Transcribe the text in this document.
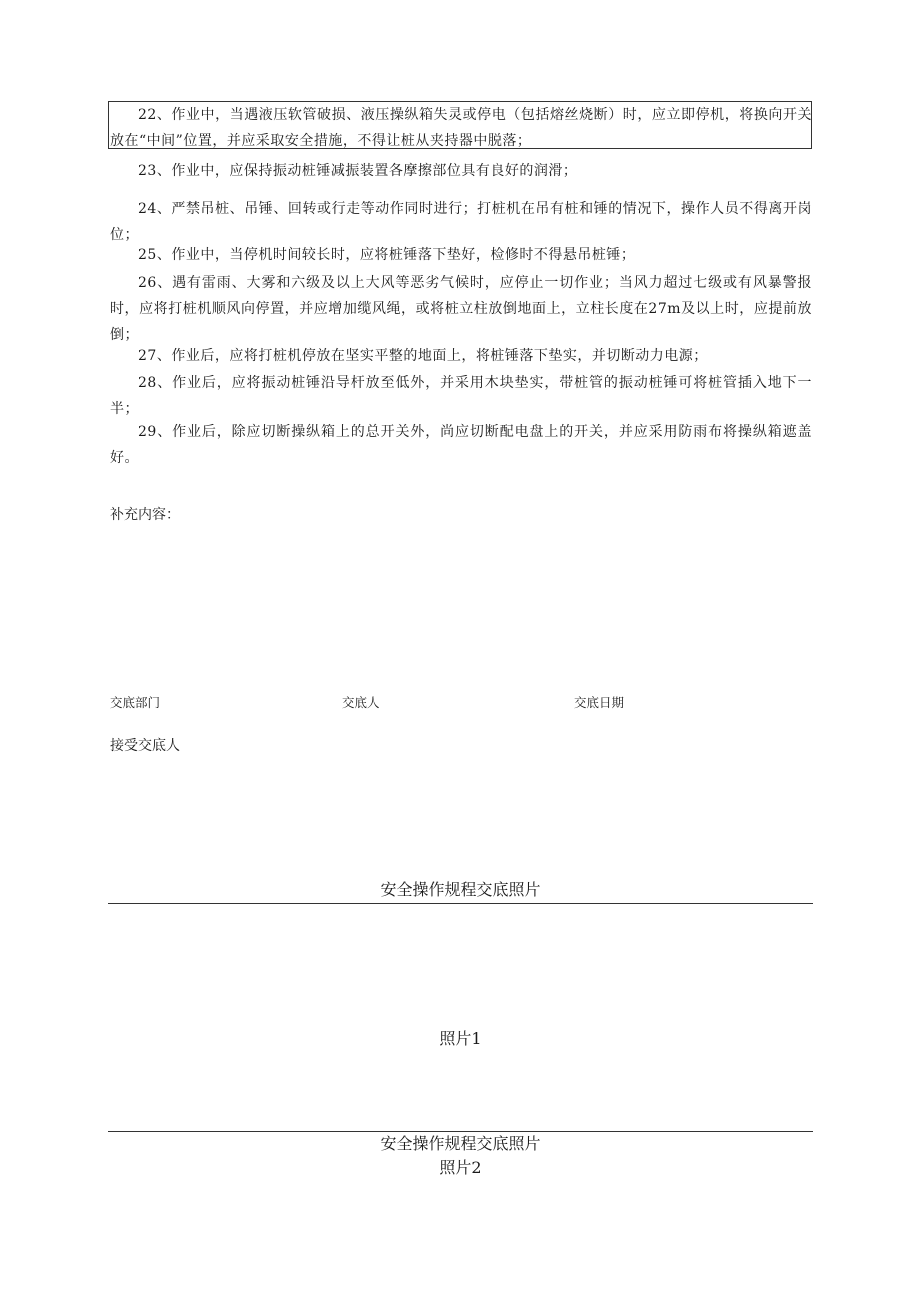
22、作业中，当遇液压软管破损、液压操纵箱失灵或停电（包括熔丝烧断）时，应立即停机，将换向开关放在“中间”位置，并应采取安全措施，不得让桩从夹持器中脱落；

23、作业中，应保持振动桩锤减振装置各摩擦部位具有良好的润滑；

24、严禁吊桩、吊锤、回转或行走等动作同时进行；打桩机在吊有桩和锤的情况下，操作人员不得离开岗位；

25、作业中，当停机时间较长时，应将桩锤落下垫好，检修时不得悬吊桩锤；

26、遇有雷雨、大雾和六级及以上大风等恶劣气候时，应停止一切作业；当风力超过七级或有风暴警报时，应将打桩机顺风向停置，并应增加缆风绳，或将桩立柱放倒地面上，立柱长度在27m及以上时，应提前放倒；

27、作业后，应将打桩机停放在坚实平整的地面上，将桩锤落下垫实，并切断动力电源；

28、作业后，应将振动桩锤沿导杆放至低外，并采用木块垫实，带桩管的振动桩锤可将桩管插入地下一半；

29、作业后，除应切断操纵箱上的总开关外，尚应切断配电盘上的开关，并应采用防雨布将操纵箱遮盖好。

补充内容：

交底部门	交底人	交底日期

接受交底人

安全操作规程交底照片

照片1

安全操作规程交底照片

照片2
